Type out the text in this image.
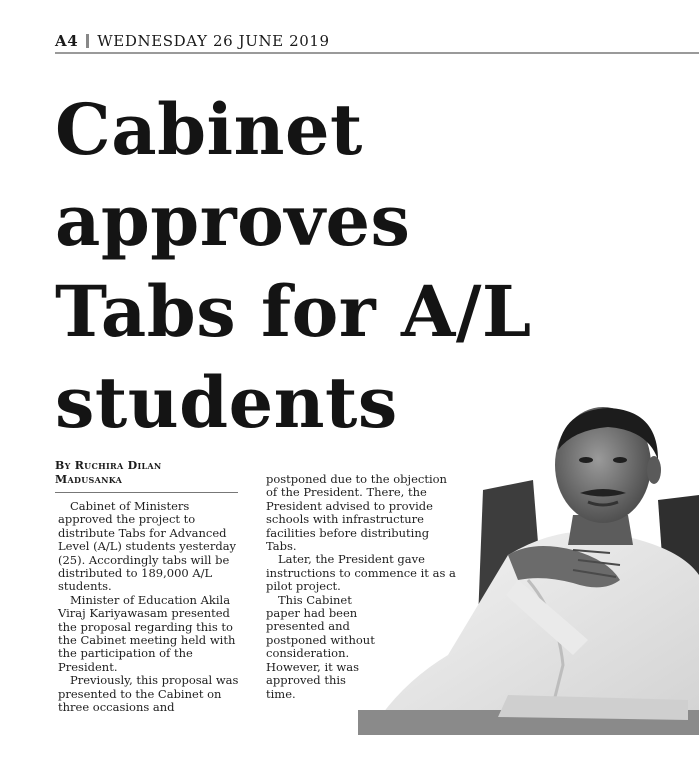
A4 WEDNESDAY 26 JUNE 2019
Cabinet
approves
Tabs for A/L
students
By Ruchira Dilan
Madusanka

Cabinet of Ministers approved the project to distribute Tabs for Advanced Level (A/L) students yesterday (25). Accordingly tabs will be distributed to 189,000 A/L students.

Minister of Education Akila Viraj Kariyawasam presented the proposal regarding this to the Cabinet meeting held with the participation of the President.

Previously, this proposal was presented to the Cabinet on three occasions and

postponed due to the objection of the President. There, the President advised to provide schools with infrastructure facilities before distributing Tabs.

Later, the President gave instructions to commence it as a pilot project.

This Cabinet paper had been presented and postponed without consideration. However, it was approved this time.
